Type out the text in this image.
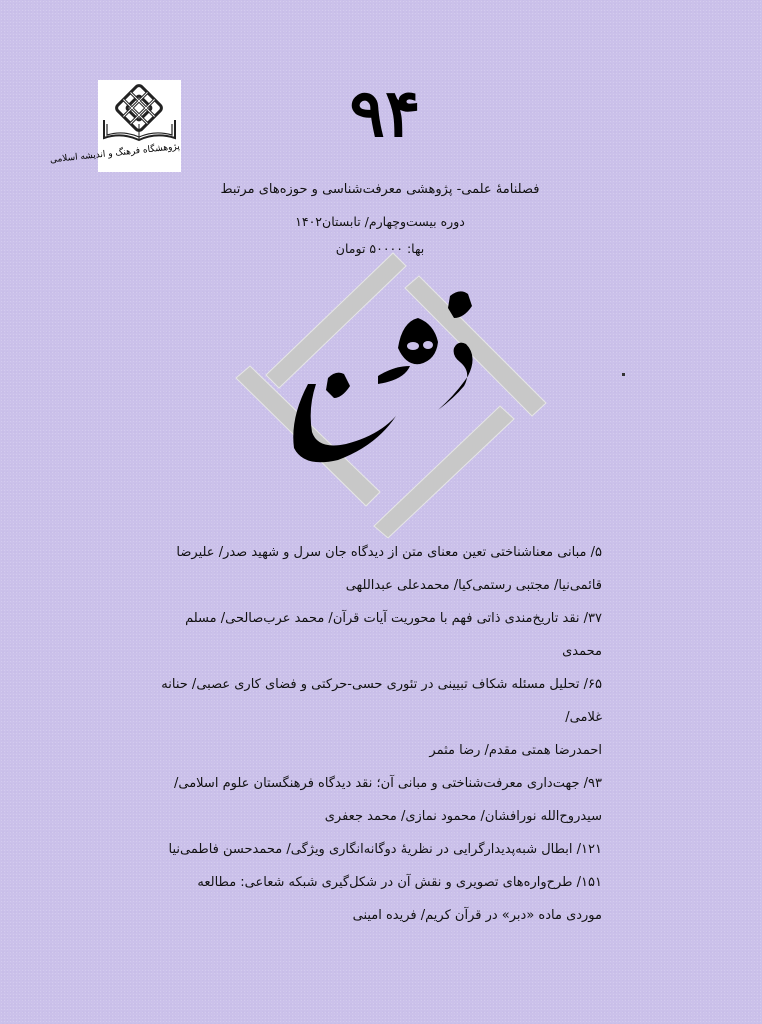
پژوهشگاه فرهنگ و اندیشه اسلامی
۹۴
فصلنامهٔ علمی- پژوهشی معرفت‌شناسی و حوزه‌های مرتبط
دوره بیست‌وچهارم/ تابستان۱۴۰۲
بها: ۵۰۰۰۰ تومان
۵/ مبانی معناشناختی تعین معنای متن از دیدگاه جان سرل و شهید صدر/ علیرضا
قائمی‌نیا/ مجتبی رستمی‌کیا/ محمدعلی عبداللهی
۳۷/ نقد تاریخ‌مندی ذاتی فهم با محوریت آیات قرآن/ محمد عرب‌صالحی/ مسلم
محمدی
۶۵/ تحلیل مسئله شکاف تبیینی در تئوری حسی-حرکتی و فضای کاری عصبی/ حنانه
غلامی/
احمدرضا همتی مقدم/ رضا مثمر
۹۳/ جهت‌داری معرفت‌شناختی و مبانی آن؛ نقد دیدگاه فرهنگستان علوم اسلامی/
سیدروح‌الله نورافشان/ محمود نمازی/ محمد جعفری
۱۲۱/ ابطال شبه‌پدیدارگرایی در نظریهٔ دوگانه‌انگاری ویژگی/ محمدحسن فاطمی‌نیا
۱۵۱/ طرح‌واره‌های تصویری و نقش آن در شکل‌گیری شبکه شعاعی: مطالعه
موردی ماده «دبر» در قرآن کریم/ فریده امینی
